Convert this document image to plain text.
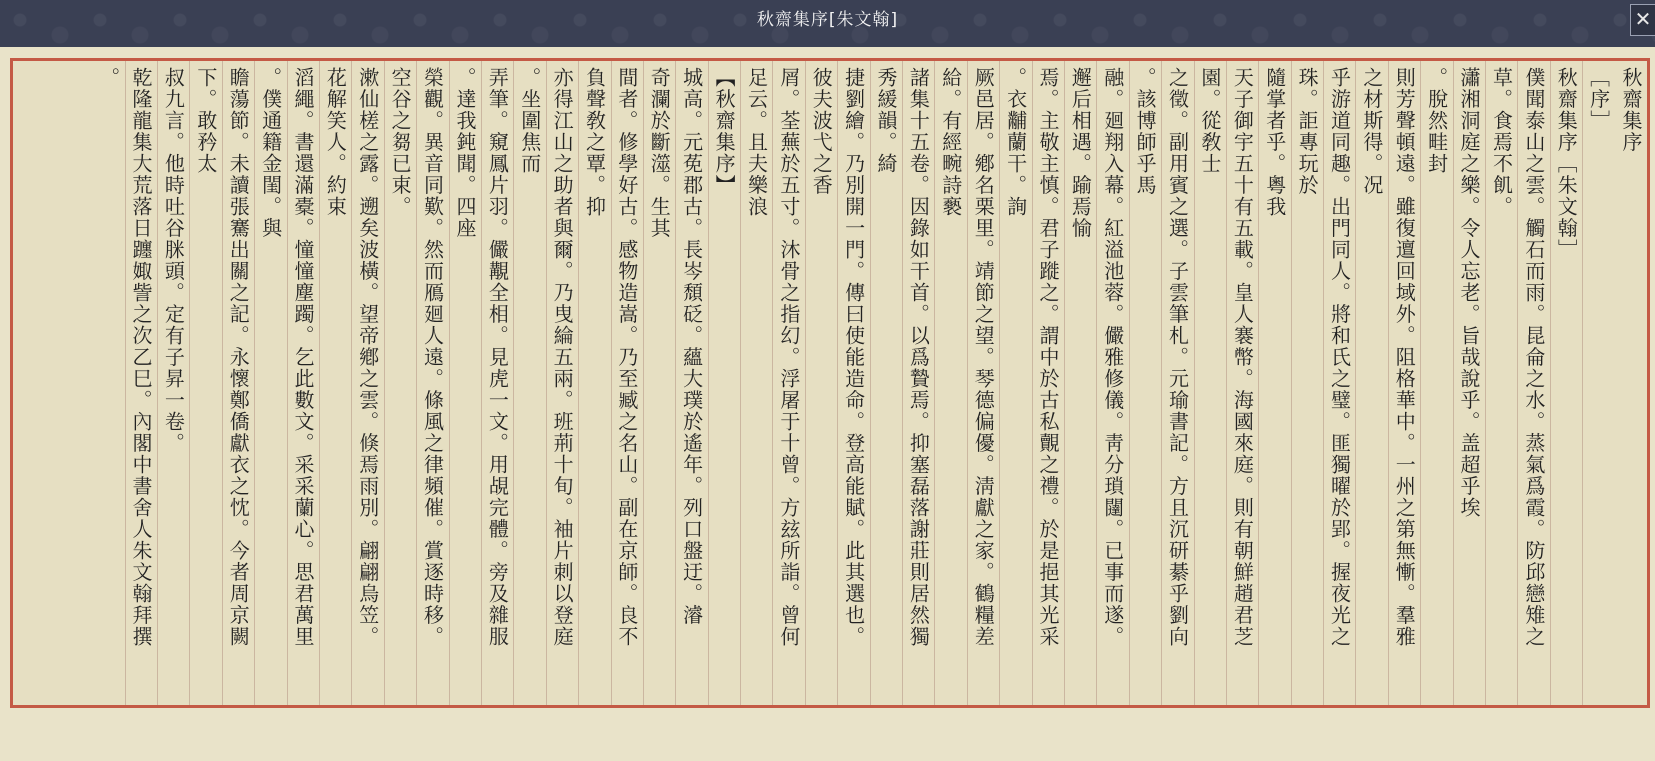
秋齋集序[朱文翰]	✕
秋齋集序
［序］
秋齋集序［朱文翰］
僕聞泰山之雲。觸石而雨。昆侖之水。蒸氣爲霞。防邱戀雉之
草。食焉不飢。
瀟湘洞庭之樂。令人忘老。旨哉說乎。盖超乎埃
。脫然畦封
則芳聲頓遠。雖復邅回域外。阻格華中。一州之第無慚。羣雅
之材斯得。况
乎游道同趣。出門同人。將和氏之璧。匪獨曜於郢。握夜光之
珠。詎專玩於
隨掌者乎。粵我
天子御宇五十有五載。皇人褰幣。海國來庭。則有朝鮮趙君芝
園。從敎士
之徵。副用賓之選。子雲筆札。元瑜書記。方且沉研綦乎劉向
。該博師乎馬
融。廻翔入幕。紅溢池蓉。儼雅修儀。靑分瑣闥。已事而遂。
邂后相遇。踰焉愉
焉。主敬主慎。君子蹝之。謂中於古私覿之禮。於是挹其光采
。衣黼蘭干。詢
厥邑居。鄕名栗里。靖節之望。琴德偏優。淸獻之家。鶴糧差
給。有經畹詩褻
諸集十五卷。因錄如干首。以爲贄焉。抑塞磊落謝莊則居然獨
秀緩韻。綺
捷劉繪。乃別開一門。傳曰使能造命。登高能賦。此其選也。
彼夫波弋之香
屑。荃蕪於五寸。沐骨之指幻。浮屠于十曾。方玆所詣。曾何
足云。且夫樂浪
【秋齋集序】
城高。元莬郡古。長岑頹砭。蘊大璞於遙年。列口盤迂。濬
奇瀾於斷澨。生其
間者。修學好古。感物造嵩。乃至臧之名山。副在京師。良不
負聲敎之覃。抑
亦得江山之助者與爾。乃曳綸五兩。班荊十旬。袖片刺以登庭
。坐圍焦而
弄筆。窺鳳片羽。儼覯全相。見虎一文。用覘完體。旁及雜服
。達我鈍聞。四座
榮觀。異音同歎。然而鴈廻人遠。條風之律頻催。賞逐時移。
空谷之芻已束。
漱仙槎之露。遡矣波橫。望帝鄕之雲。倏焉雨別。翩翩烏笠。
花解笑人。約束
滔繩。書還滿橐。憧憧塵躅。乞此數文。采采蘭心。思君萬里
。僕通籍金閨。與
瞻蕩節。未讀張騫出關之記。永懷鄭僑獻衣之忱。今者周京闕
下。敢矜太
叔九言。他時吐谷脒頭。定有子昇一卷。
乾隆龍集大荒落日躔娵訾之次乙巳。內閣中書舍人朱文翰拜撰
。
